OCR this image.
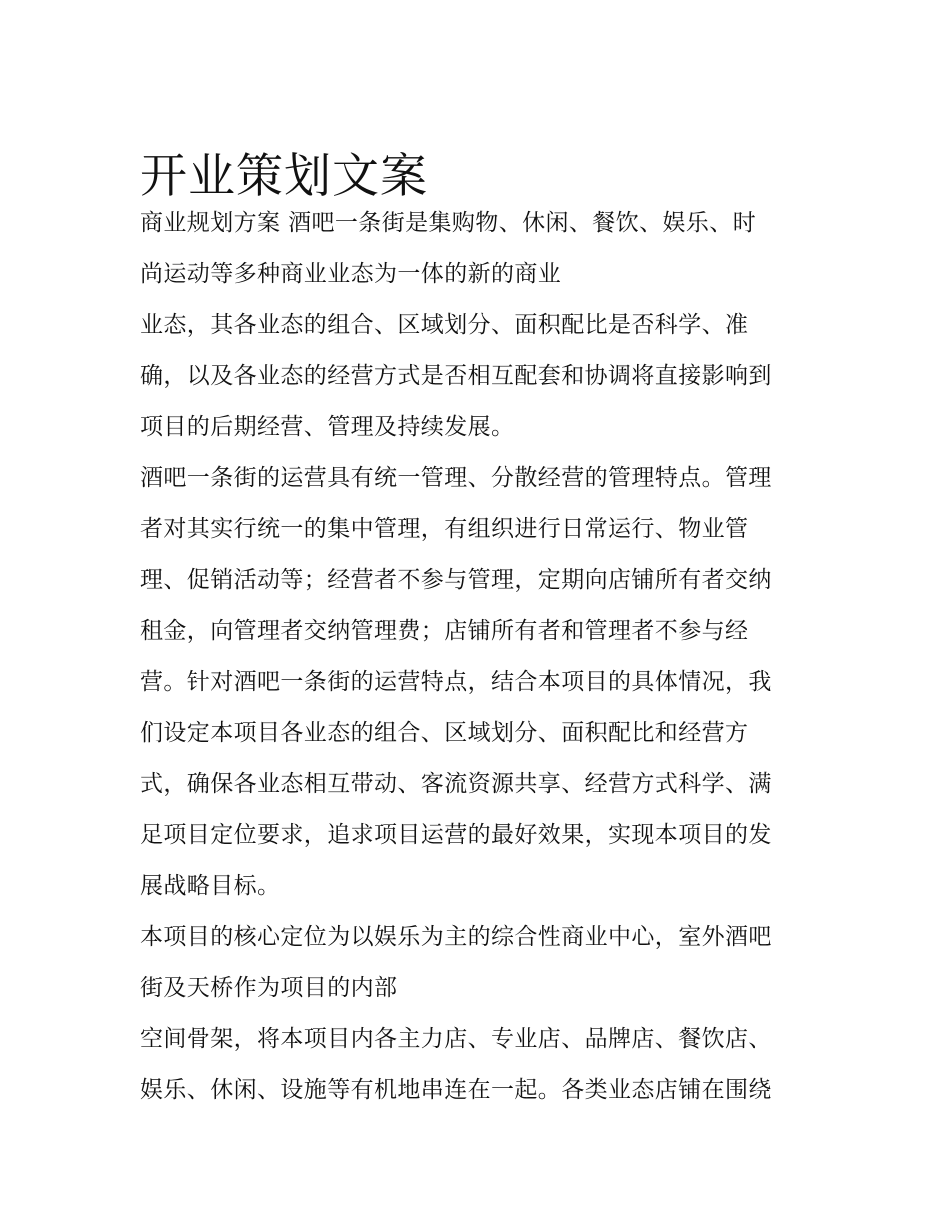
开业策划文案
商业规划方案 酒吧一条街是集购物、休闲、餐饮、娱乐、时
尚运动等多种商业业态为一体的新的商业
业态，其各业态的组合、区域划分、面积配比是否科学、准
确，以及各业态的经营方式是否相互配套和协调将直接影响到
项目的后期经营、管理及持续发展。
酒吧一条街的运营具有统一管理、分散经营的管理特点。管理
者对其实行统一的集中管理，有组织进行日常运行、物业管
理、促销活动等；经营者不参与管理，定期向店铺所有者交纳
租金，向管理者交纳管理费；店铺所有者和管理者不参与经
营。针对酒吧一条街的运营特点，结合本项目的具体情况，我
们设定本项目各业态的组合、区域划分、面积配比和经营方
式，确保各业态相互带动、客流资源共享、经营方式科学、满
足项目定位要求，追求项目运营的最好效果，实现本项目的发
展战略目标。
本项目的核心定位为以娱乐为主的综合性商业中心，室外酒吧
街及天桥作为项目的内部
空间骨架，将本项目内各主力店、专业店、品牌店、餐饮店、
娱乐、休闲、设施等有机地串连在一起。各类业态店铺在围绕
